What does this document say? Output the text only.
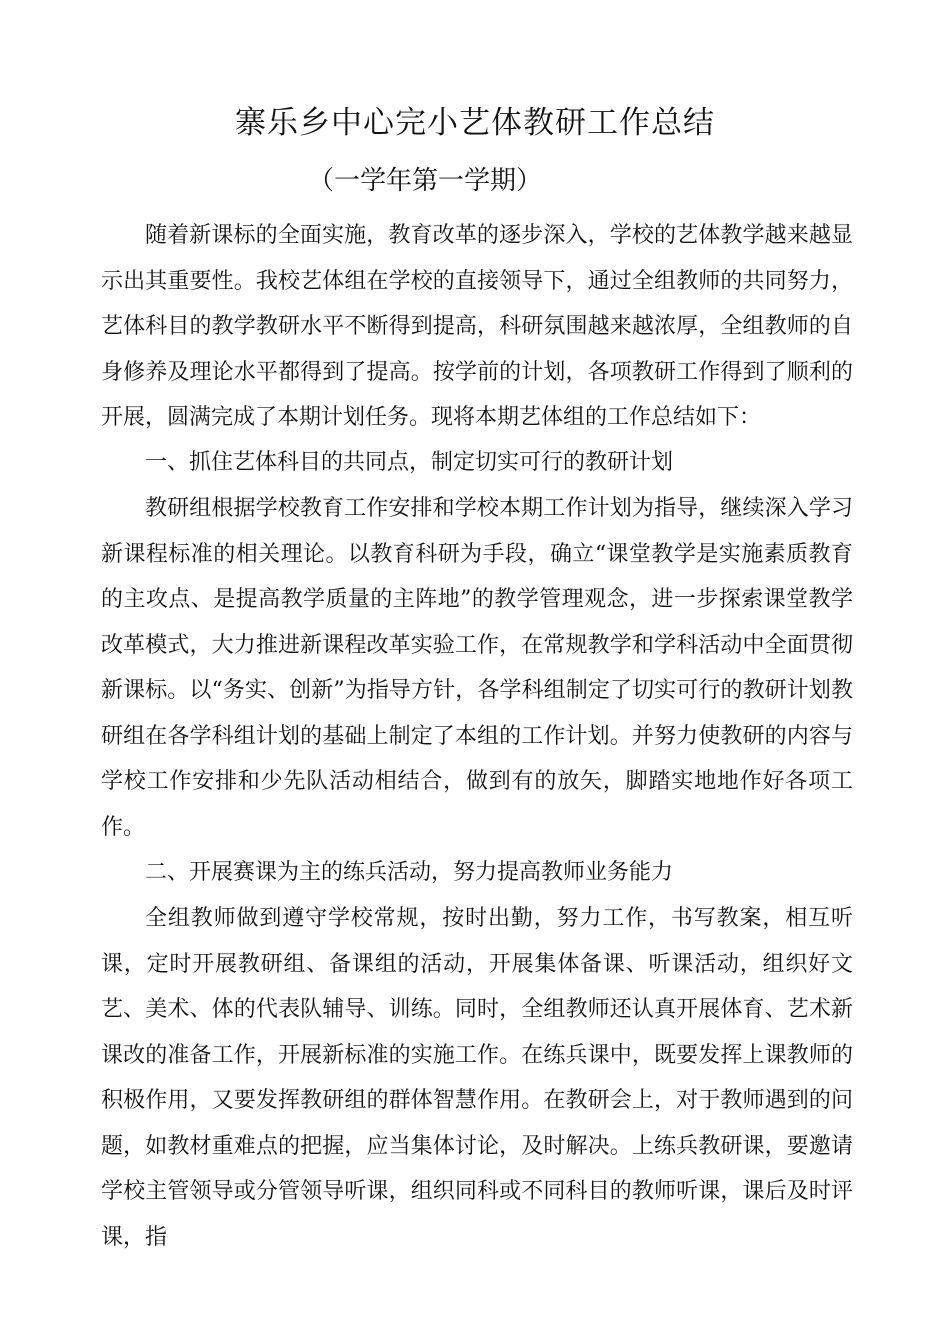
寨乐乡中心完小艺体教研工作总结
（一学年第一学期）

随着新课标的全面实施，教育改革的逐步深入，学校的艺体教学越来越显示出其重要性。我校艺体组在学校的直接领导下，通过全组教师的共同努力，艺体科目的教学教研水平不断得到提高，科研氛围越来越浓厚，全组教师的自身修养及理论水平都得到了提高。按学前的计划，各项教研工作得到了顺利的开展，圆满完成了本期计划任务。现将本期艺体组的工作总结如下：

一、抓住艺体科目的共同点，制定切实可行的教研计划

教研组根据学校教育工作安排和学校本期工作计划为指导，继续深入学习新课程标准的相关理论。以教育科研为手段，确立“课堂教学是实施素质教育的主攻点、是提高教学质量的主阵地”的教学管理观念，进一步探索课堂教学改革模式，大力推进新课程改革实验工作，在常规教学和学科活动中全面贯彻新课标。以“务实、创新”为指导方针，各学科组制定了切实可行的教研计划教研组在各学科组计划的基础上制定了本组的工作计划。并努力使教研的内容与学校工作安排和少先队活动相结合，做到有的放矢，脚踏实地地作好各项工作。

二、开展赛课为主的练兵活动，努力提高教师业务能力

全组教师做到遵守学校常规，按时出勤，努力工作，书写教案，相互听课，定时开展教研组、备课组的活动，开展集体备课、听课活动，组织好文艺、美术、体的代表队辅导、训练。同时，全组教师还认真开展体育、艺术新课改的准备工作，开展新标准的实施工作。在练兵课中，既要发挥上课教师的积极作用，又要发挥教研组的群体智慧作用。在教研会上，对于教师遇到的问题，如教材重难点的把握，应当集体讨论，及时解决。上练兵教研课，要邀请学校主管领导或分管领导听课，组织同科或不同科目的教师听课，课后及时评课，指
